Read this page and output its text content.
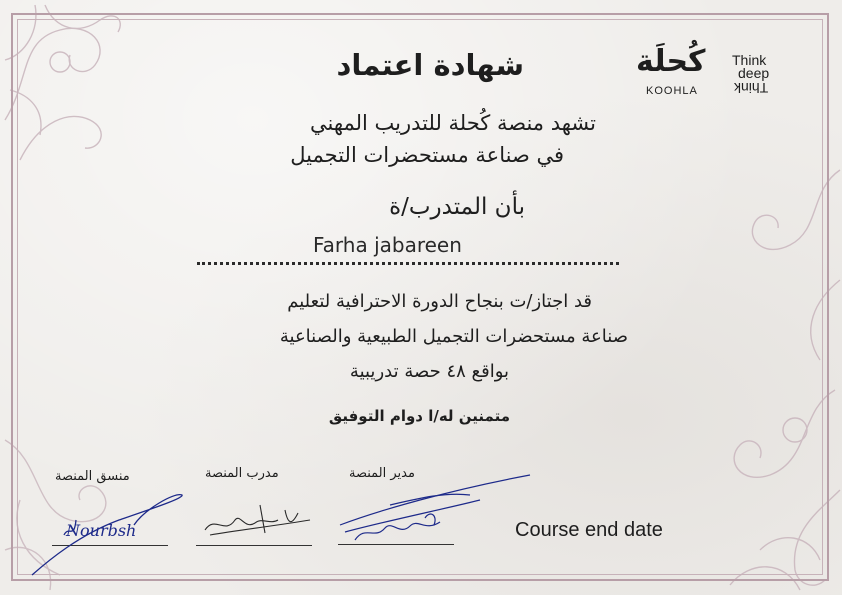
كُحلَة
KOOHLA
Think
deep
Think
شهادة اعتماد
تشهد منصة كُحلة للتدريب المهني
في صناعة مستحضرات التجميل
بأن المتدرب/ة
Farha jabareen
قد اجتاز/ت بنجاح الدورة الاحترافية لتعليم
صناعة مستحضرات التجميل الطبيعية والصناعية
بواقع ٤٨ حصة تدريبية
متمنين له/ا دوام التوفيق
منسق المنصة	مدرب المنصة	مدير المنصة
Nourbsh	Course end date
